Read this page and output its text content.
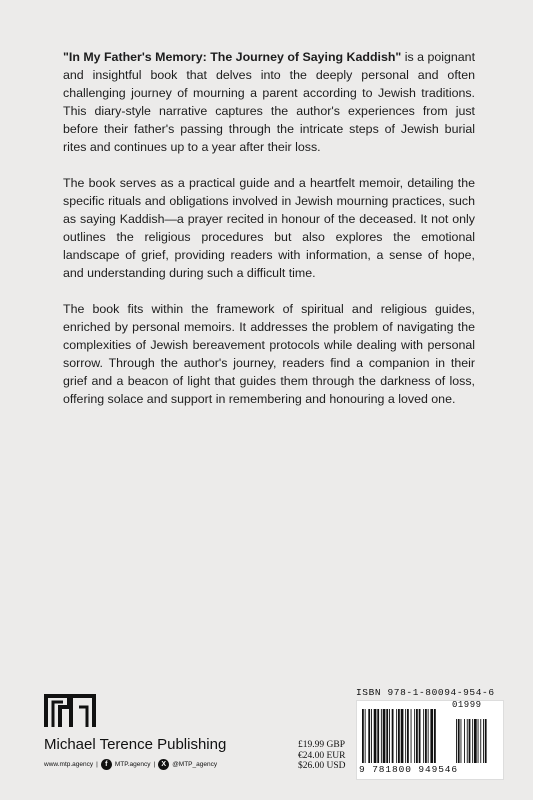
"In My Father's Memory: The Journey of Saying Kaddish" is a poignant and insightful book that delves into the deeply personal and often challenging journey of mourning a parent according to Jewish traditions. This diary-style narrative captures the author's experiences from just before their father's passing through the intricate steps of Jewish burial rites and continues up to a year after their loss.

The book serves as a practical guide and a heartfelt memoir, detailing the specific rituals and obligations involved in Jewish mourning practices, such as saying Kaddish—a prayer recited in honour of the deceased. It not only outlines the religious procedures but also explores the emotional landscape of grief, providing readers with information, a sense of hope, and understanding during such a difficult time.

The book fits within the framework of spiritual and religious guides, enriched by personal memoirs. It addresses the problem of navigating the complexities of Jewish bereavement protocols while dealing with personal sorrow. Through the author's journey, readers find a companion in their grief and a beacon of light that guides them through the darkness of loss, offering solace and support in remembering and honouring a loved one.

Michael Terence Publishing
www.mtp.agency |	f	MTP.agency | X @MTP_agency
£19.99 GBP
€24.00 EUR
$26.00 USD
ISBN 978-1-80094-954-6
01999
9 781800 949546
